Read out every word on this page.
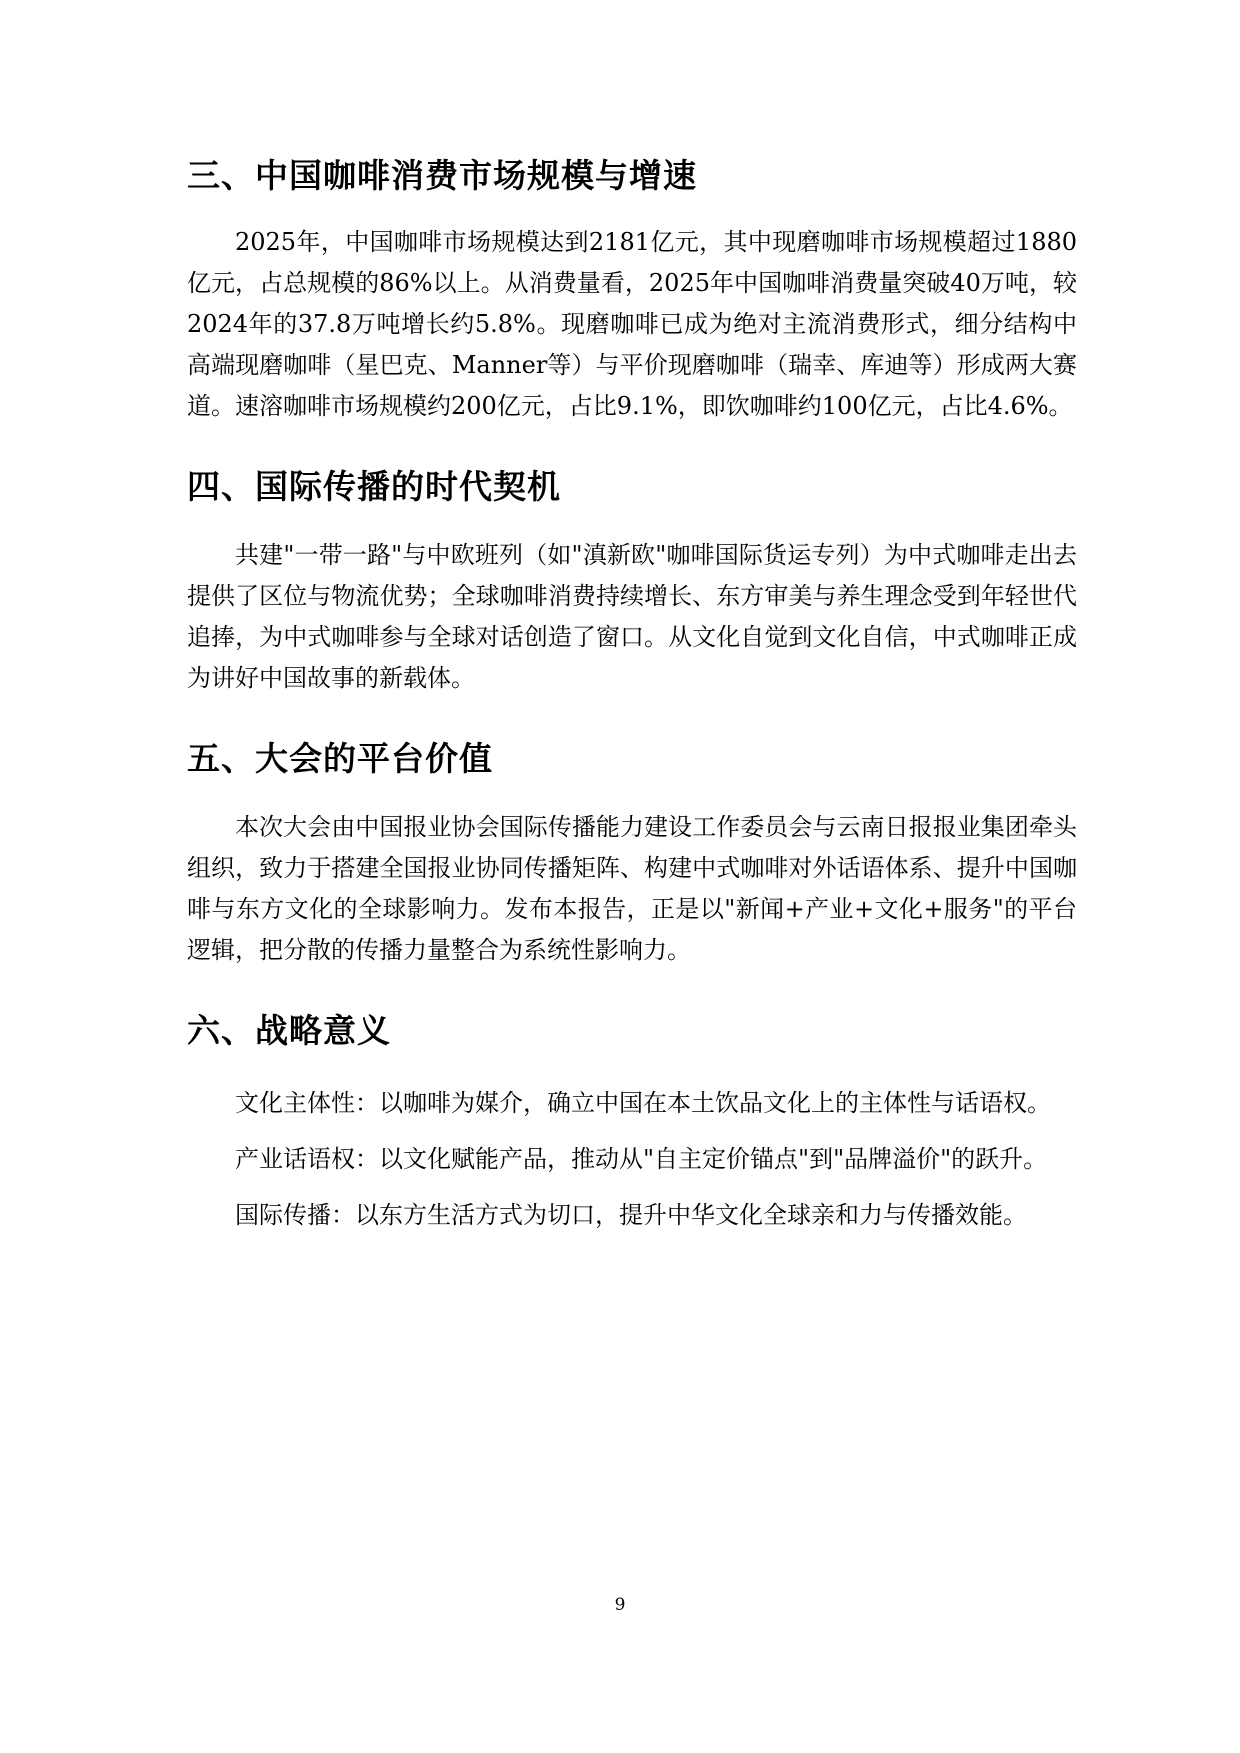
三、中国咖啡消费市场规模与增速

2025年，中国咖啡市场规模达到2181亿元，其中现磨咖啡市场规模超过1880亿元，占总规模的86%以上。从消费量看，2025年中国咖啡消费量突破40万吨，较2024年的37.8万吨增长约5.8%。现磨咖啡已成为绝对主流消费形式，细分结构中高端现磨咖啡（星巴克、Manner等）与平价现磨咖啡（瑞幸、库迪等）形成两大赛道。速溶咖啡市场规模约200亿元，占比9.1%，即饮咖啡约100亿元，占比4.6%。

四、国际传播的时代契机

共建"一带一路"与中欧班列（如"滇新欧"咖啡国际货运专列）为中式咖啡走出去提供了区位与物流优势；全球咖啡消费持续增长、东方审美与养生理念受到年轻世代追捧，为中式咖啡参与全球对话创造了窗口。从文化自觉到文化自信，中式咖啡正成为讲好中国故事的新载体。

五、大会的平台价值

本次大会由中国报业协会国际传播能力建设工作委员会与云南日报报业集团牵头组织，致力于搭建全国报业协同传播矩阵、构建中式咖啡对外话语体系、提升中国咖啡与东方文化的全球影响力。发布本报告，正是以"新闻+产业+文化+服务"的平台逻辑，把分散的传播力量整合为系统性影响力。

六、战略意义

文化主体性：以咖啡为媒介，确立中国在本土饮品文化上的主体性与话语权。

产业话语权：以文化赋能产品，推动从"自主定价锚点"到"品牌溢价"的跃升。

国际传播：以东方生活方式为切口，提升中华文化全球亲和力与传播效能。

9
